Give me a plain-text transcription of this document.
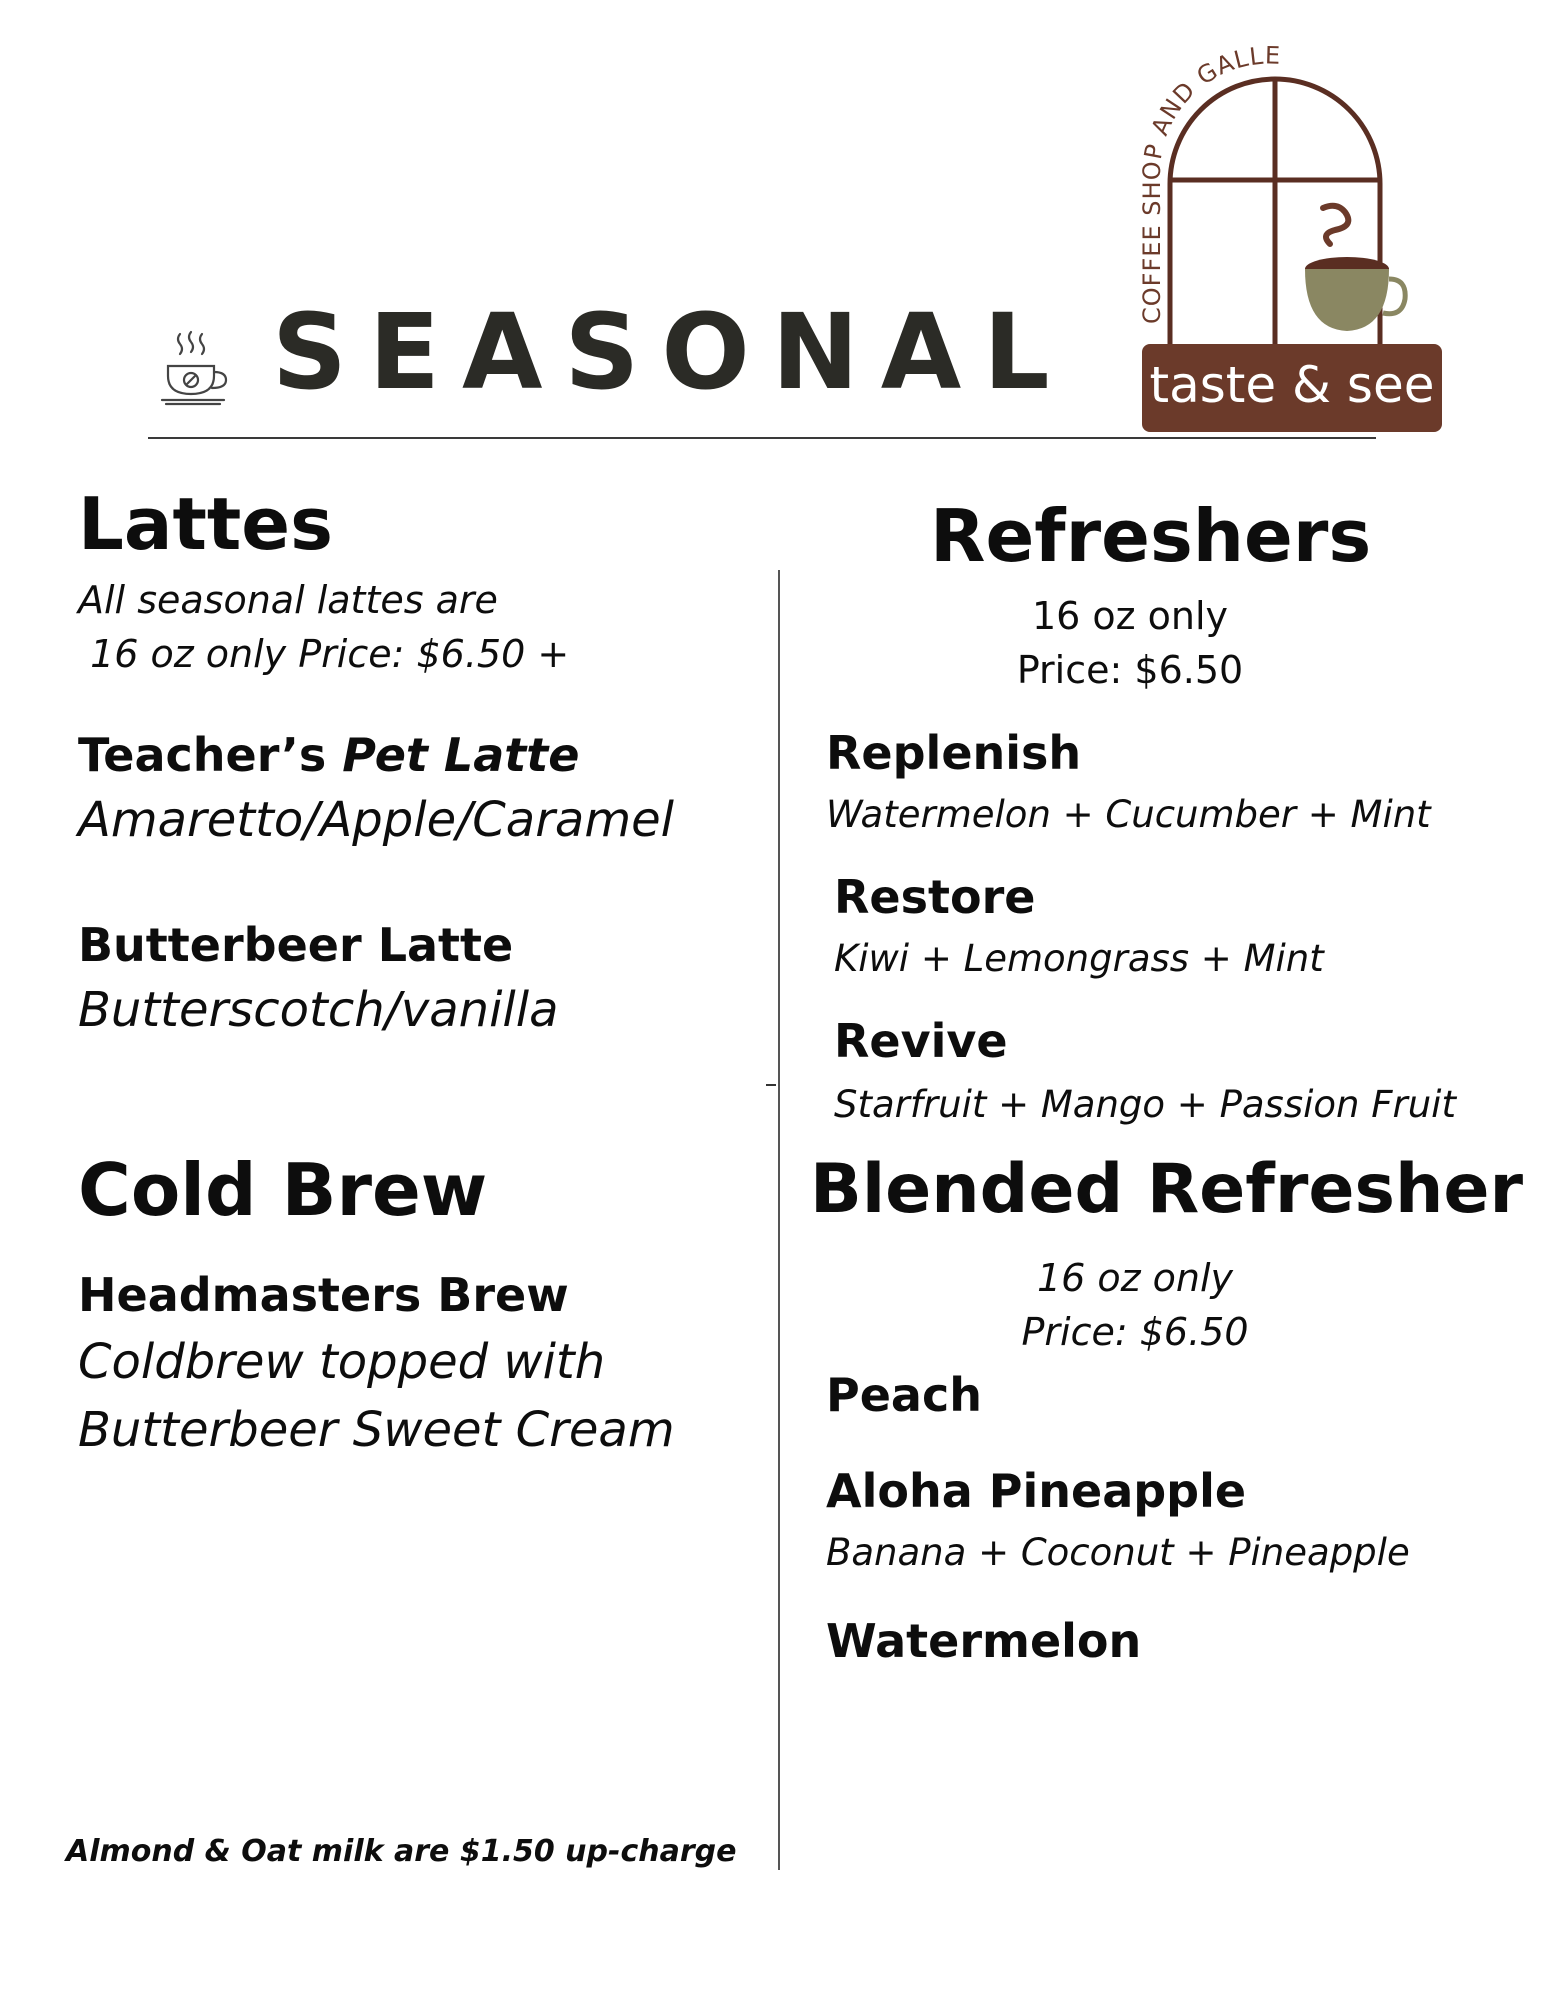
SEASONAL	COFFEE SHOP AND GALLE
taste & see
Lattes
All seasonal lattes are
16 oz only Price: $6.50 +
Teacher’s Pet Latte
Amaretto/Apple/Caramel
Butterbeer Latte
Butterscotch/vanilla
Cold Brew
Headmasters Brew
Coldbrew topped with
Butterbeer Sweet Cream
Almond & Oat milk are $1.50 up-charge
Refreshers
16 oz only
Price: $6.50
Replenish
Watermelon + Cucumber + Mint
Restore
Kiwi + Lemongrass + Mint
Revive
Starfruit + Mango + Passion Fruit
Blended Refresher
16 oz only
Price: $6.50
Peach
Aloha Pineapple
Banana + Coconut + Pineapple
Watermelon
